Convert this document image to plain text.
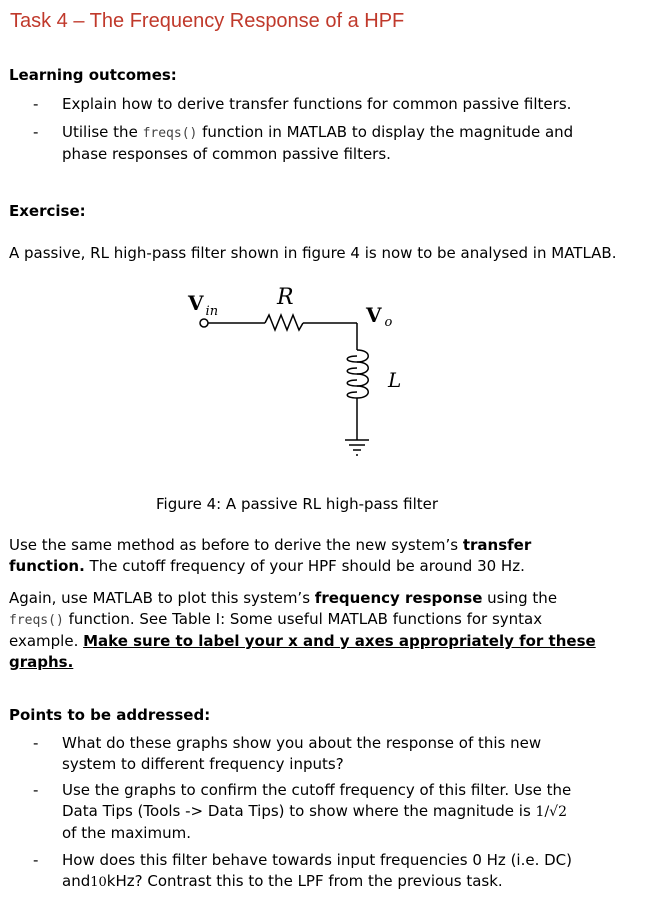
Task 4 – The Frequency Response of a HPF
Learning outcomes:
- Explain how to derive transfer functions for common passive filters.
- Utilise the freqs() function in MATLAB to display the magnitude and
phase responses of common passive filters.
Exercise:
A passive, RL high-pass filter shown in figure 4 is now to be analysed in MATLAB.
V $_{in}$
R
V $_o$
L
Figure 4: A passive RL high-pass filter
Use the same method as before to derive the new system’s transfer
function. The cutoff frequency of your HPF should be around 30 Hz.
Again, use MATLAB to plot this system’s frequency response using the
freqs() function. See Table I: Some useful MATLAB functions for syntax
example. Make sure to label your x and y axes appropriately for these
graphs.
Points to be addressed:
- What do these graphs show you about the response of this new
system to different frequency inputs?
- Use the graphs to confirm the cutoff frequency of this filter. Use the
Data Tips (Tools -> Data Tips) to show where the magnitude is 1/√2
of the maximum.
- How does this filter behave towards input frequencies 0 Hz (i.e. DC)
and10kHz? Contrast this to the LPF from the previous task.
